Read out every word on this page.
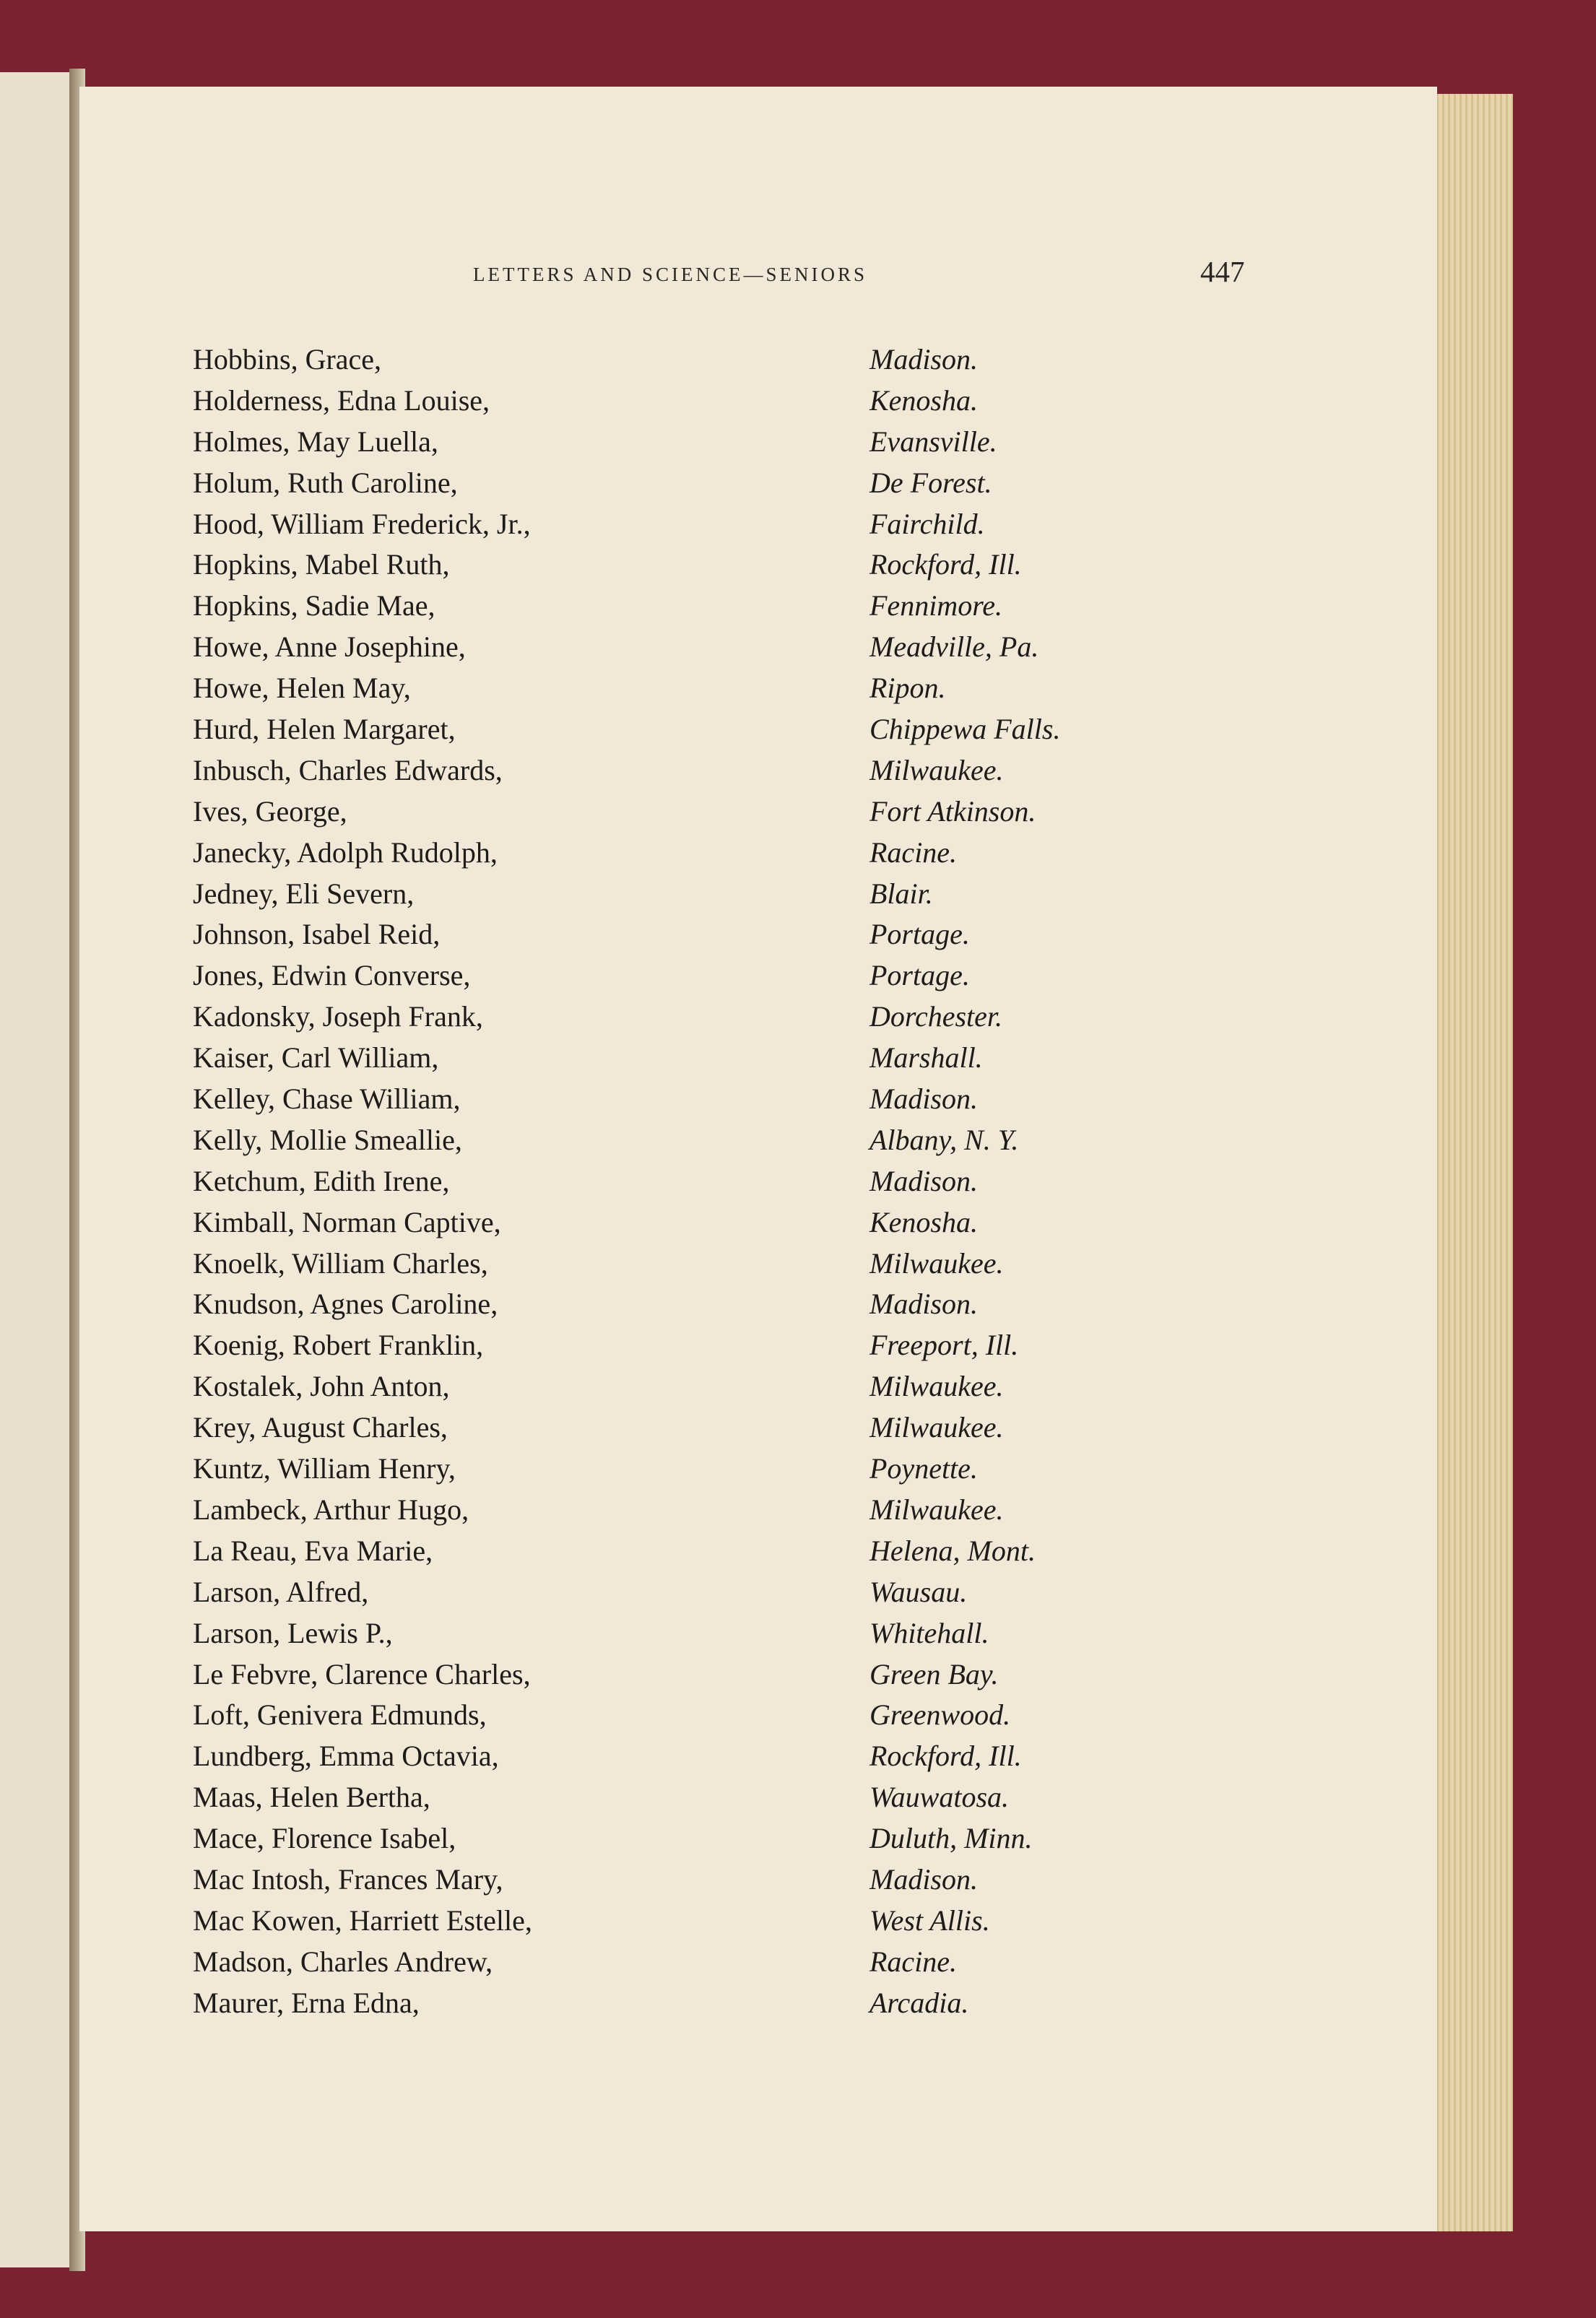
LETTERS AND SCIENCE—SENIORS	447
Hobbins, Grace,	Madison.
Holderness, Edna Louise,	Kenosha.
Holmes, May Luella,	Evansville.
Holum, Ruth Caroline,	De Forest.
Hood, William Frederick, Jr.,	Fairchild.
Hopkins, Mabel Ruth,	Rockford, Ill.
Hopkins, Sadie Mae,	Fennimore.
Howe, Anne Josephine,	Meadville, Pa.
Howe, Helen May,	Ripon.
Hurd, Helen Margaret,	Chippewa Falls.
Inbusch, Charles Edwards,	Milwaukee.
Ives, George,	Fort Atkinson.
Janecky, Adolph Rudolph,	Racine.
Jedney, Eli Severn,	Blair.
Johnson, Isabel Reid,	Portage.
Jones, Edwin Converse,	Portage.
Kadonsky, Joseph Frank,	Dorchester.
Kaiser, Carl William,	Marshall.
Kelley, Chase William,	Madison.
Kelly, Mollie Smeallie,	Albany, N. Y.
Ketchum, Edith Irene,	Madison.
Kimball, Norman Captive,	Kenosha.
Knoelk, William Charles,	Milwaukee.
Knudson, Agnes Caroline,	Madison.
Koenig, Robert Franklin,	Freeport, Ill.
Kostalek, John Anton,	Milwaukee.
Krey, August Charles,	Milwaukee.
Kuntz, William Henry,	Poynette.
Lambeck, Arthur Hugo,	Milwaukee.
La Reau, Eva Marie,	Helena, Mont.
Larson, Alfred,	Wausau.
Larson, Lewis P.,	Whitehall.
Le Febvre, Clarence Charles,	Green Bay.
Loft, Genivera Edmunds,	Greenwood.
Lundberg, Emma Octavia,	Rockford, Ill.
Maas, Helen Bertha,	Wauwatosa.
Mace, Florence Isabel,	Duluth, Minn.
Mac Intosh, Frances Mary,	Madison.
Mac Kowen, Harriett Estelle,	West Allis.
Madson, Charles Andrew,	Racine.
Maurer, Erna Edna,	Arcadia.
